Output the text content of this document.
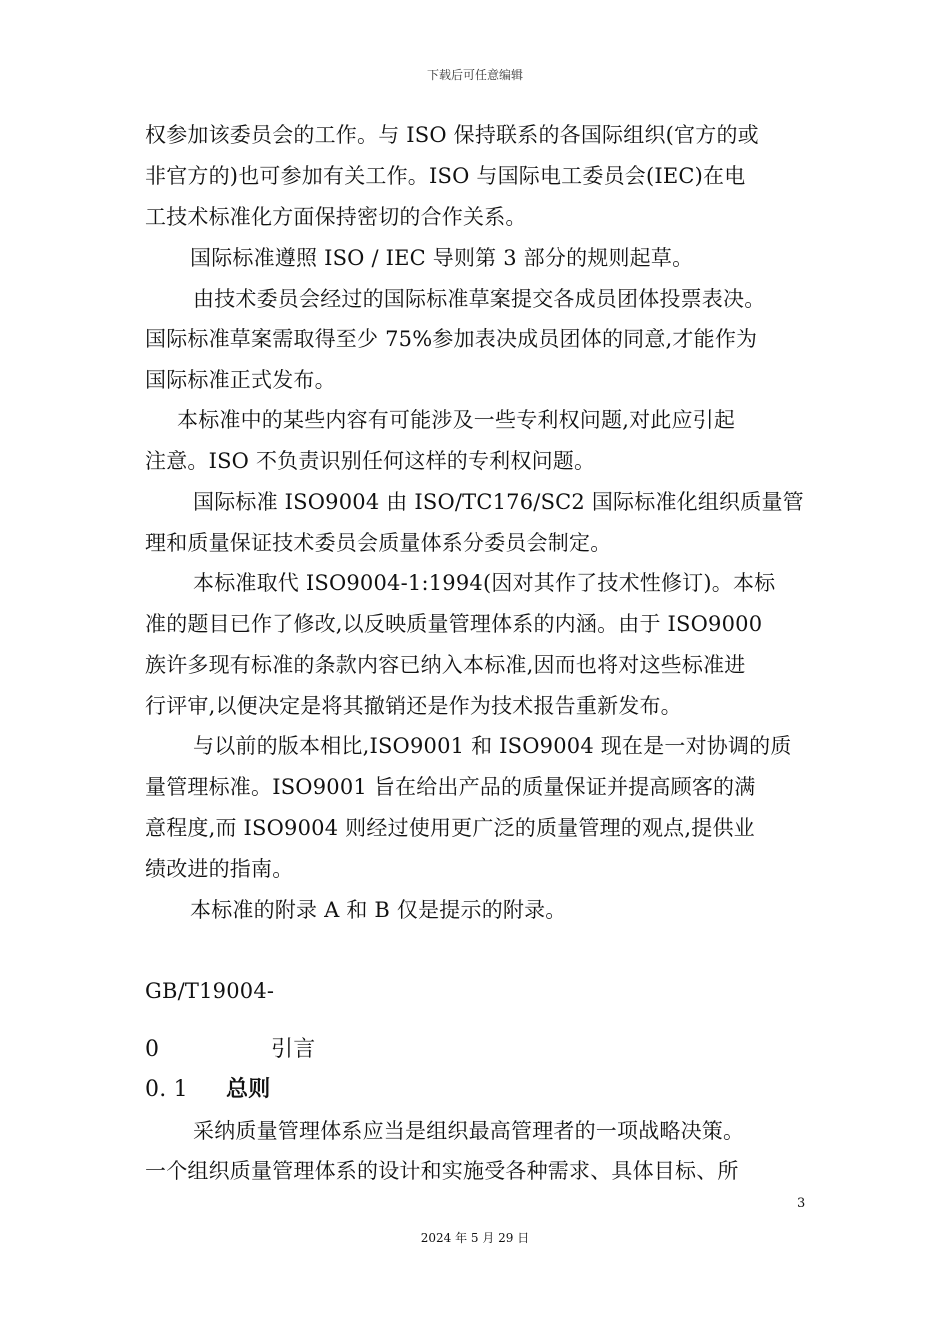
下载后可任意编辑
权参加该委员会的工作。与 ISO 保持联系的各国际组织(官方的或
非官方的)也可参加有关工作。ISO 与国际电工委员会(IEC)在电
工技术标准化方面保持密切的合作关系。
国际标准遵照 ISO / IEC 导则第 3 部分的规则起草。
由技术委员会经过的国际标准草案提交各成员团体投票表决。
国际标准草案需取得至少 75%参加表决成员团体的同意,才能作为
国际标准正式发布。
本标准中的某些内容有可能涉及一些专利权问题,对此应引起
注意。ISO 不负责识别任何这样的专利权问题。
国际标准 ISO9004 由 ISO/TC176/SC2 国际标准化组织质量管
理和质量保证技术委员会质量体系分委员会制定。
本标准取代 ISO9004-1:1994(因对其作了技术性修订)。本标
准的题目已作了修改,以反映质量管理体系的内涵。由于 ISO9000
族许多现有标准的条款内容已纳入本标准,因而也将对这些标准进
行评审,以便决定是将其撤销还是作为技术报告重新发布。
与以前的版本相比,ISO9001 和 ISO9004 现在是一对协调的质
量管理标准。ISO9001 旨在给出产品的质量保证并提高顾客的满
意程度,而 ISO9004 则经过使用更广泛的质量管理的观点,提供业
绩改进的指南。
本标准的附录 A 和 B 仅是提示的附录。
GB/T19004-
0	引言
0. 1 总则
采纳质量管理体系应当是组织最高管理者的一项战略决策。
一个组织质量管理体系的设计和实施受各种需求、具体目标、所
3
2024 年 5 月 29 日
